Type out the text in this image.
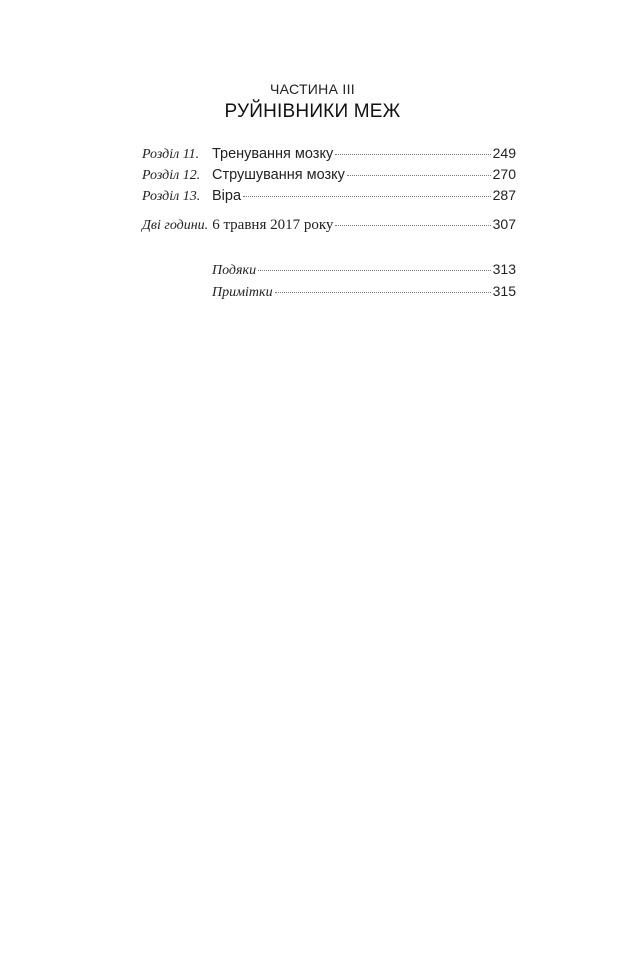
ЧАСТИНА III
РУЙНІВНИКИ МЕЖ
Розділ 11. Тренування мозку	249
Розділ 12. Струшування мозку	270
Розділ 13. Віра	287
Дві години. 6 травня 2017 року	307
Подяки	313
Примітки	315
